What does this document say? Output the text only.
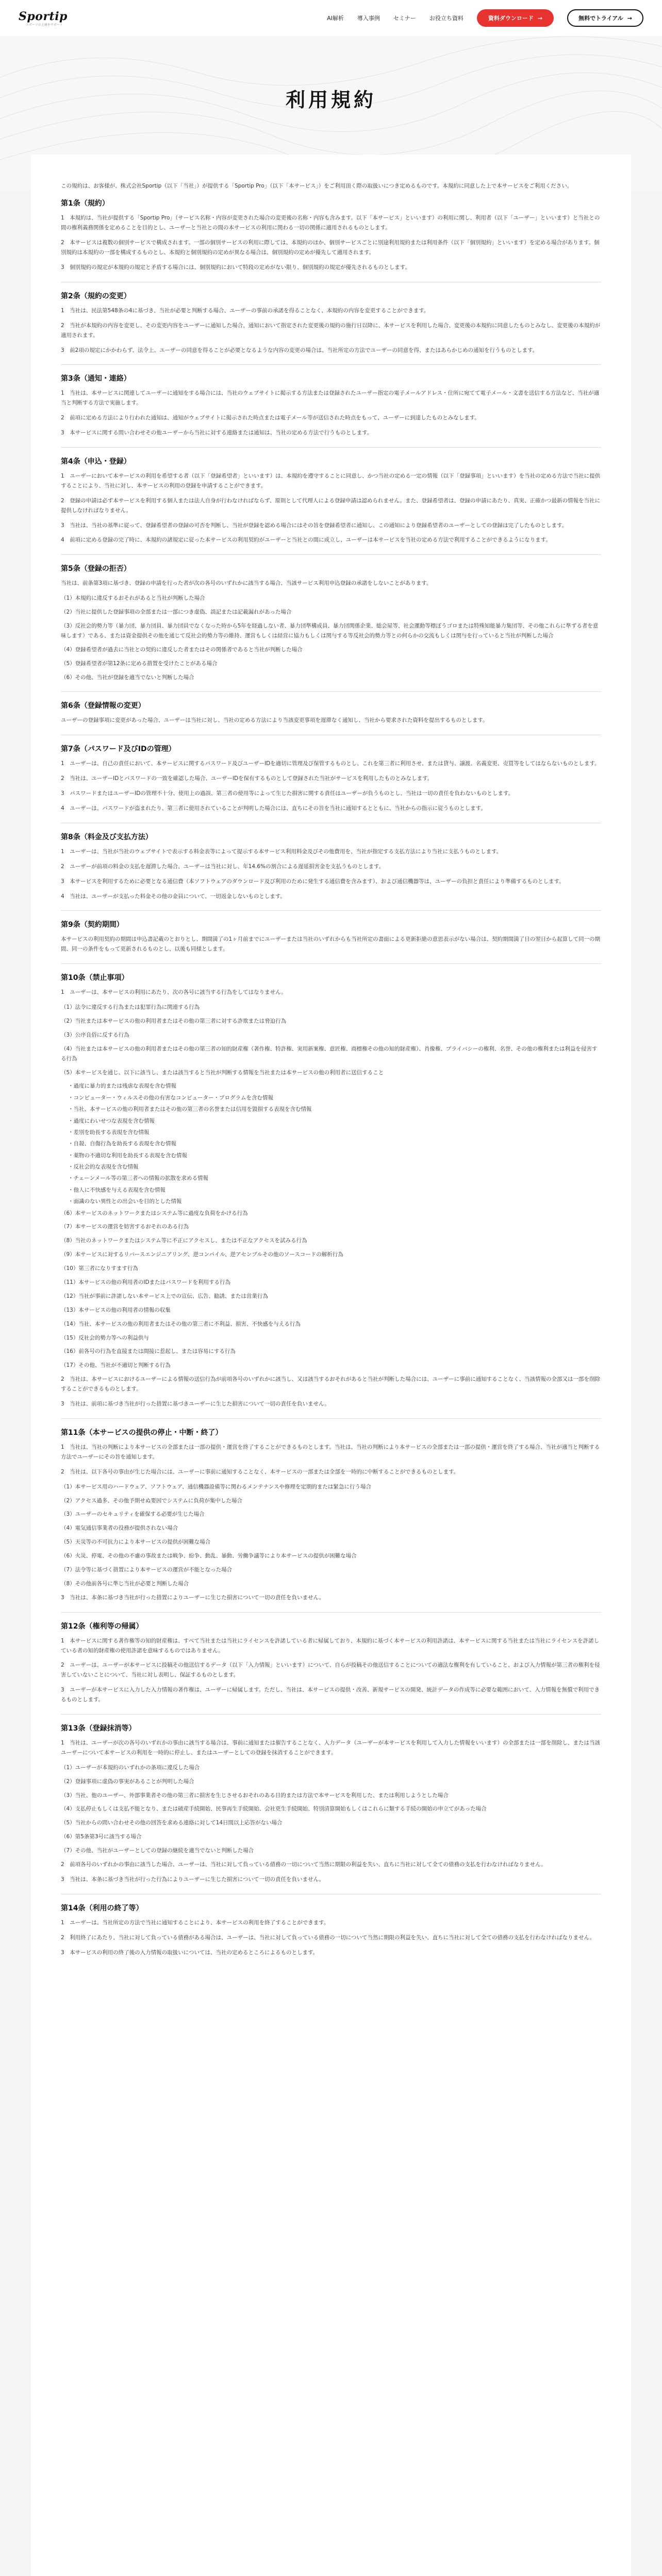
Sportip
スポーツの上達をサポート
AI解析 導入事例 セミナー お役立ち資料	資料ダウンロード →	無料でトライアル →
利用規約

この規約は、お客様が、株式会社Sportip（以下「当社」）が提供する「Sportip Pro」（以下「本サービス」）をご利用頂く際の取扱いにつき定めるものです。本規約に同意した上で本サービスをご利用ください。

第1条（規約）

1　本規約は、当社が提供する「Sportip Pro」（サービス名称・内容が変更された場合の変更後の名称・内容も含みます。以下「本サービス」といいます）の利用に関し、利用者（以下「ユーザー」といいます）と当社との間の権利義務関係を定めることを目的とし、ユーザーと当社との間の本サービスの利用に関わる一切の関係に適用されるものとします。

2　本サービスは複数の個別サービスで構成されます。一部の個別サービスの利用に際しては、本規約のほか、個別サービスごとに別途利用規約または利用条件（以下「個別規約」といいます）を定める場合があります。個別規約は本規約の一部を構成するものとし、本規約と個別規約の定めが異なる場合は、個別規約の定めが優先して適用されます。

3　個別規約の規定が本規約の規定と矛盾する場合には、個別規約において特段の定めがない限り、個別規約の規定が優先されるものとします。

第2条（規約の変更）

1　当社は、民法第548条の4に基づき、当社が必要と判断する場合、ユーザーの事前の承諾を得ることなく、本規約の内容を変更することができます。

2　当社が本規約の内容を変更し、その変更内容をユーザーに通知した場合、通知において指定された変更後の規約の施行日以降に、本サービスを利用した場合、変更後の本規約に同意したものとみなし、変更後の本規約が適用されます。

3　前2項の規定にかかわらず、法令上、ユーザーの同意を得ることが必要となるような内容の変更の場合は、当社所定の方法でユーザーの同意を得、またはあらかじめの通知を行うものとします。

第3条（通知・連絡）

1　当社は、本サービスに関連してユーザーに通知をする場合には、当社のウェブサイトに掲示する方法または登録されたユーザー指定の電子メールアドレス・住所に宛てて電子メール・文書を送信する方法など、当社が適当と判断する方法で実施します。

2　前項に定める方法により行われた通知は、通知がウェブサイトに掲示された時点または電子メール等が送信された時点をもって、ユーザーに到達したものとみなします。

3　本サービスに関する問い合わせその他ユーザーから当社に対する連絡または通知は、当社の定める方法で行うものとします。

第4条（申込・登録）

1　ユーザーにおいて本サービスの利用を希望する者（以下「登録希望者」といいます）は、本規約を遵守することに同意し、かつ当社の定める一定の情報（以下「登録事項」といいます）を当社の定める方法で当社に提供することにより、当社に対し、本サービスの利用の登録を申請することができます。

2　登録の申請は必ず本サービスを利用する個人または法人自身が行わなければならず、原則として代理人による登録申請は認められません。また、登録希望者は、登録の申請にあたり、真実、正確かつ最新の情報を当社に提供しなければなりません。

3　当社は、当社の基準に従って、登録希望者の登録の可否を判断し、当社が登録を認める場合にはその旨を登録希望者に通知し、この通知により登録希望者のユーザーとしての登録は完了したものとします。

4　前項に定める登録の完了時に、本規約の諸規定に従った本サービスの利用契約がユーザーと当社との間に成立し、ユーザーは本サービスを当社の定める方法で利用することができるようになります。

第5条（登録の拒否）

当社は、前条第3項に基づき、登録の申請を行った者が次の各号のいずれかに該当する場合、当該サービス利用申込登録の承諾をしないことがあります。

（1）本規約に違反するおそれがあると当社が判断した場合

（2）当社に提供した登録事項の全部または一部につき虚偽、誤記または記載漏れがあった場合

（3）反社会的勢力等（暴力団、暴力団員、暴力団員でなくなった時から5年を経過しない者、暴力団準構成員、暴力団関係企業、総会屋等、社会運動等標ぼうゴロまたは特殊知能暴力集団等、その他これらに準ずる者を意味します）である、または資金提供その他を通じて反社会的勢力等の維持、運営もしくは経営に協力もしくは関与する等反社会的勢力等との何らかの交流もしくは関与を行っていると当社が判断した場合

（4）登録希望者が過去に当社との契約に違反した者またはその関係者であると当社が判断した場合

（5）登録希望者が第12条に定める措置を受けたことがある場合

（6）その他、当社が登録を適当でないと判断した場合

第6条（登録情報の変更）

ユーザーの登録事項に変更があった場合、ユーザーは当社に対し、当社の定める方法により当該変更事項を遅滞なく通知し、当社から要求された資料を提出するものとします。

第7条（パスワード及びIDの管理）

1　ユーザーは、自己の責任において、本サービスに関するパスワード及びユーザーIDを適切に管理及び保管するものとし、これを第三者に利用させ、または貸与、譲渡、名義変更、売買等をしてはならないものとします。

2　当社は、ユーザーIDとパスワードの一致を確認した場合、ユーザーIDを保有するものとして登録された当社がサービスを利用したものとみなします。

3　パスワードまたはユーザーIDの管理不十分、使用上の過誤、第三者の使用等によって生じた損害に関する責任はユーザーが負うものとし、当社は一切の責任を負わないものとします。

4　ユーザーは、パスワードが盗まれたり、第三者に使用されていることが判明した場合には、直ちにその旨を当社に通知するとともに、当社からの指示に従うものとします。

第8条（料金及び支払方法）

1　ユーザーは、当社が当社のウェブサイトで表示する料金表等によって提示する本サービス利用料金及びその他費用を、当社が指定する支払方法により当社に支払うものとします。

2　ユーザーが前項の料金の支払を遅滞した場合、ユーザーは当社に対し、年14.6%の割合による遅延損害金を支払うものとします。

3　本サービスを利用するために必要となる通信費（本ソフトウェアのダウンロード及び利用のために発生する通信費を含みます）、および通信機器等は、ユーザーの負担と責任により準備するものとします。

4　当社は、ユーザーが支払った料金その他の金員について、一切返金しないものとします。

第9条（契約期間）

本サービスの利用契約の期間は申込書記載のとおりとし、期間満了の1ヶ月前までにユーザーまたは当社のいずれからも当社所定の書面による更新拒絶の意思表示がない場合は、契約期間満了日の翌日から起算して同一の期間、同一の条件をもって更新されるものとし、以後も同様とします。

第10条（禁止事項）

1　ユーザーは、本サービスの利用にあたり、次の各号に該当する行為をしてはなりません。

（1）法令に違反する行為または犯罪行為に関連する行為

（2）当社または本サービスの他の利用者またはその他の第三者に対する詐欺または脅迫行為

（3）公序良俗に反する行為

（4）当社または本サービスの他の利用者またはその他の第三者の知的財産権（著作権、特許権、実用新案権、意匠権、商標権その他の知的財産権）、肖像権、プライバシーの権利、名誉、その他の権利または利益を侵害する行為

（5）本サービスを通じ、以下に該当し、または該当すると当社が判断する情報を当社または本サービスの他の利用者に送信すること

・過度に暴力的または残虐な表現を含む情報

・コンピューター・ウィルスその他の有害なコンピューター・プログラムを含む情報

・当社、本サービスの他の利用者またはその他の第三者の名誉または信用を毀損する表現を含む情報

・過度にわいせつな表現を含む情報

・差別を助長する表現を含む情報

・自殺、自傷行為を助長する表現を含む情報

・薬物の不適切な利用を助長する表現を含む情報

・反社会的な表現を含む情報

・チェーンメール等の第三者への情報の拡散を求める情報

・他人に不快感を与える表現を含む情報

・面識のない異性との出会いを目的とした情報

（6）本サービスのネットワークまたはシステム等に過度な負荷をかける行為

（7）本サービスの運営を妨害するおそれのある行為

（8）当社のネットワークまたはシステム等に不正にアクセスし、または不正なアクセスを試みる行為

（9）本サービスに対するリバースエンジニアリング、逆コンパイル、逆アセンブルその他のソースコードの解析行為

（10）第三者になりすます行為

（11）本サービスの他の利用者のIDまたはパスワードを利用する行為

（12）当社が事前に許諾しない本サービス上での宣伝、広告、勧誘、または営業行為

（13）本サービスの他の利用者の情報の収集

（14）当社、本サービスの他の利用者またはその他の第三者に不利益、損害、不快感を与える行為

（15）反社会的勢力等への利益供与

（16）前各号の行為を直接または間接に惹起し、または容易にする行為

（17）その他、当社が不適切と判断する行為

2　当社は、本サービスにおけるユーザーによる情報の送信行為が前項各号のいずれかに該当し、又は該当するおそれがあると当社が判断した場合には、ユーザーに事前に通知することなく、当該情報の全部又は一部を削除することができるものとします。

3　当社は、前項に基づき当社が行った措置に基づきユーザーに生じた損害について一切の責任を負いません。

第11条（本サービスの提供の停止・中断・終了）

1　当社は、当社の判断により本サービスの全部または一部の提供・運営を終了することができるものとします。当社は、当社の判断により本サービスの全部または一部の提供・運営を終了する場合、当社が適当と判断する方法でユーザーにその旨を通知します。

2　当社は、以下各号の事由が生じた場合には、ユーザーに事前に通知することなく、本サービスの一部または全部を一時的に中断することができるものとします。

（1）本サービス用のハードウェア、ソフトウェア、通信機器設備等に関わるメンテナンスや修理を定期的または緊急に行う場合

（2）アクセス過多、その他予期せぬ要因でシステムに負荷が集中した場合

（3）ユーザーのセキュリティを確保する必要が生じた場合

（4）電気通信事業者の役務が提供されない場合

（5）天災等の不可抗力により本サービスの提供が困難な場合

（6）火災、停電、その他の不慮の事故または戦争、紛争、動乱、暴動、労働争議等により本サービスの提供が困難な場合

（7）法令等に基づく措置により本サービスの運営が不能となった場合

（8）その他前各号に準じ当社が必要と判断した場合

3　当社は、本条に基づき当社が行った措置によりユーザーに生じた損害について一切の責任を負いません。

第12条（権利等の帰属）

1　本サービスに関する著作権等の知的財産権は、すべて当社または当社にライセンスを許諾している者に帰属しており、本規約に基づく本サービスの利用許諾は、本サービスに関する当社または当社にライセンスを許諾している者の知的財産権の使用許諾を意味するものではありません。

2　ユーザーは、ユーザーが本サービスに投稿その他送信するデータ（以下「入力情報」といいます）について、自らが投稿その他送信することについての適法な権利を有していること、および入力情報が第三者の権利を侵害していないことについて、当社に対し表明し、保証するものとします。

3　ユーザーが本サービスに入力した入力情報の著作権は、ユーザーに帰属します。ただし、当社は、本サービスの提供・改善、新規サービスの開発、統計データの作成等に必要な範囲において、入力情報を無償で利用できるものとします。

第13条（登録抹消等）

1　当社は、ユーザーが次の各号のいずれかの事由に該当する場合は、事前に通知または催告することなく、入力データ（ユーザーが本サービスを利用して入力した情報をいいます）の全部または一部を削除し、または当該ユーザーについて本サービスの利用を一時的に停止し、またはユーザーとしての登録を抹消することができます。

（1）ユーザーが本規約のいずれかの条項に違反した場合

（2）登録事項に虚偽の事実があることが判明した場合

（3）当社、他のユーザー、外部事業者その他の第三者に損害を生じさせるおそれのある目的または方法で本サービスを利用した、または利用しようとした場合

（4）支払停止もしくは支払不能となり、または破産手続開始、民事再生手続開始、会社更生手続開始、特別清算開始もしくはこれらに類する手続の開始の申立てがあった場合

（5）当社からの問い合わせその他の回答を求める連絡に対して14日間以上応答がない場合

（6）第5条第3号に該当する場合

（7）その他、当社がユーザーとしての登録の継続を適当でないと判断した場合

2　前項各号のいずれかの事由に該当した場合、ユーザーは、当社に対して負っている債務の一切について当然に期限の利益を失い、直ちに当社に対して全ての債務の支払を行わなければなりません。

3　当社は、本条に基づき当社が行った行為によりユーザーに生じた損害について一切の責任を負いません。

第14条（利用の終了等）

1　ユーザーは、当社所定の方法で当社に通知することにより、本サービスの利用を終了することができます。

2　利用終了にあたり、当社に対して負っている債務がある場合は、ユーザーは、当社に対して負っている債務の一切について当然に期限の利益を失い、直ちに当社に対して全ての債務の支払を行わなければなりません。

3　本サービスの利用の終了後の入力情報の取扱いについては、当社の定めるところによるものとします。
